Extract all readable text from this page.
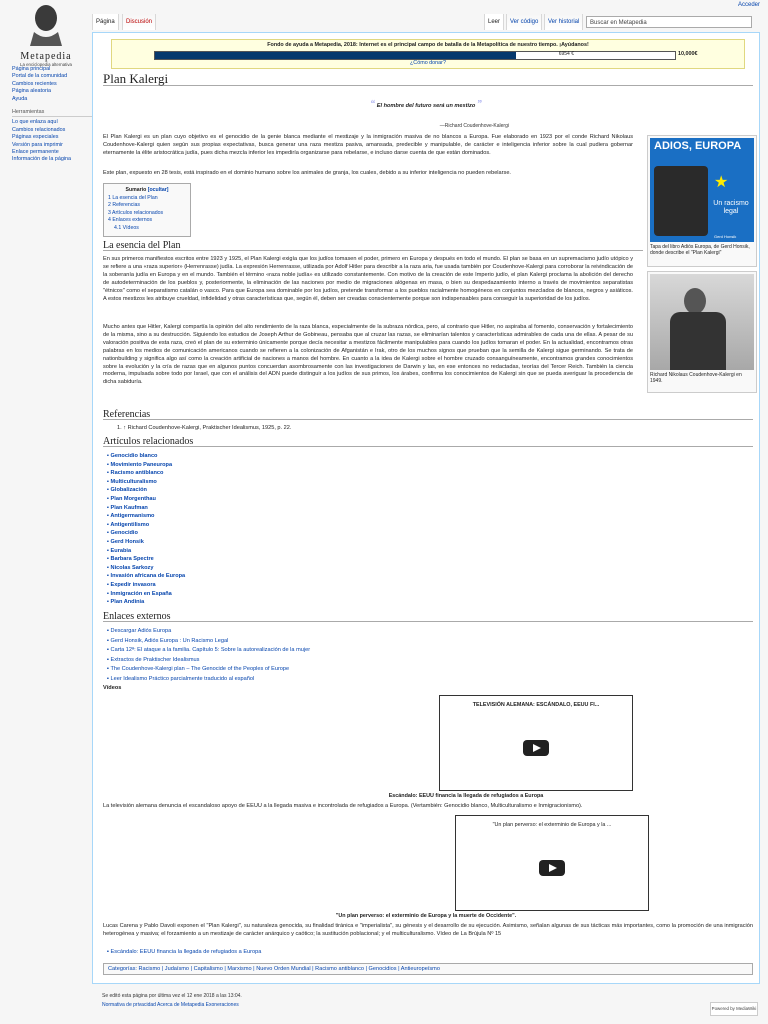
Metapedia
La enciclopedia alternativa
Acceder
Página principal
Portal de la comunidad
Cambios recientes
Página aleatoria
Ayuda
Herramientas
Lo que enlaza aquí
Cambios relacionados
Páginas especiales
Versión para imprimir
Enlace permanente
Información de la página
Página	Discusión	Leer	Ver código	Ver historial	Buscar en Metapedia
Fondo de ayuda a Metapedia, 2018: Internet es el principal campo de batalla de la Metapolítica de nuestro tiempo. ¡Ayúdanos!
6954 €	10,000€
¿Cómo donar?
Plan Kalergi
“ El hombre del futuro será un mestizo ”
—Richard Coudenhove-Kalergi
El Plan Kalergi es un plan cuyo objetivo es el genocidio de la genie blanca mediante el mestizaje y la inmigración masiva de no blancos a Europa. Fue elaborado en 1923 por el conde Richard Nikolaus Coudenhove-Kalergi quien según sus propias expectativas, busca generar una raza mestiza pasiva, amansada, predecible y manipulable, de carácter e inteligencia inferior sobre la cual pudiera gobernar eternamente la élite aristocrática judía, pues dicha mezcla inferior les impediría organizarse para rebelarse, e incluso darse cuenta de que están dominados.
Este plan, expuesto en 28 tesis, está inspirado en el dominio humano sobre los animales de granja, los cuales, debido a su inferior inteligencia no pueden rebelarse.
Sumario [ocultar]
1 La esencia del Plan
2 Referencias
3 Artículos relacionados
4 Enlaces externos
4.1 Vídeos
ADIOS, EUROPA
★
Un racismo legal
Gerd Honsik
Tapa del libro Adiós Europa, de Gerd Honsik, donde describe el "Plan Kalergi"
Richard Nikolaus Coudenhove-Kalergi en 1949.
La esencia del Plan
En sus primeros manifiestos escritos entre 1923 y 1925, el Plan Kalergi exigía que los judíos tomasen el poder, primero en Europa y después en todo el mundo. El plan se basa en un supremacismo judío utópico y se refiere a una «raza superior» (Herrenrasse) judía. La expresión Herrenrasse, utilizada por Adolf Hitler para describir a la raza aria, fue usada también por Coudenhove-Kalergi para corroborar la reivindicación de la soberanía judía en Europa y en el mundo. También el término «raza noble judía» es utilizado constantemente. Con motivo de la creación de este Imperio judío, el plan Kalergi proclama la abolición del derecho de autodeterminación de los pueblos y, posteriormente, la eliminación de las naciones por medio de migraciones alógenas en masa, o bien su despedazamiento interno a través de movimientos separatistas "étnicos" como el separatismo catalán o vasco. Para que Europa sea dominable por los judíos, pretende transformar a los pueblos racialmente homogéneos en conjuntos mezclados de blancos, negros y asiáticos. A estos mestizos les atribuye crueldad, infidelidad y otras características que, según él, deben ser creadas conscientemente porque son indispensables para conseguir la superioridad de los judíos.
Mucho antes que Hitler, Kalergi compartía la opinión del alto rendimiento de la raza blanca, especialmente de la subraza nórdica, pero, al contrario que Hitler, no aspiraba al fomento, conservación y fortalecimiento de la misma, sino a su destrucción. Siguiendo los estudios de Joseph Arthur de Gobineau, pensaba que al cruzar las razas, se eliminarían talentos y características admirables de cada una de ellas. A pesar de su valoración positiva de esta raza, creó el plan de su exterminio únicamente porque decía necesitar a mestizos fácilmente manipulables para cuando los judíos tomaran el poder. En la actualidad, encontramos otras palabras en los medios de comunicación americanos cuando se refieren a la colonización de Afganistán e Irak, otro de los muchos signos que prueban que la semilla de Kalergi sigue germinando. Se trata de nationbuilding y significa algo así como la creación artificial de naciones a manos del hombre. En cuanto a la idea de Kalergi sobre el hombre cruzado consanguíneamente, encontramos grandes conocimientos sobre la evolución y la cría de razas que en algunos puntos concuerdan asombrosamente con las investigaciones de Darwin y las, en ese entonces no redactadas, teorías del Tercer Reich. También la ciencia moderna, impulsada sobre todo por Israel, que con el análisis del ADN puede distinguir a los judíos de sus primos, los árabes, confirma los conocimientos de Kalergi sin que se pueda averiguar la procedencia de dicha sabiduría.
Referencias
1. ↑ Richard Coudenhove-Kalergi, Praktischer Idealismus, 1925, p. 22.
Artículos relacionados
▪ Genocidio blanco
▪ Movimiento Paneuropa
▪ Racismo antiblanco
▪ Multiculturalismo
▪ Globalización
▪ Plan Morgenthau
▪ Plan Kaufman
▪ Antigermanismo
▪ Antigentilismo
▪ Genocidio
▪ Gerd Honsik
▪ Eurabia
▪ Barbara Spectre
▪ Nicolas Sarkozy
▪ Invasión africana de Europa
▪ Expedir invasora
▪ Inmigración en España
▪ Plan Andinia
Enlaces externos
▪ Descargar Adiós Europa
▪ Gerd Honsik, Adiós Europa : Un Racismo Legal
▪ Carta 12ª: El ataque a la familia. Capítulo 5: Sobre la autorealización de la mujer
▪ Extractos de Praktischer Idealismus
▪ The Coudenhove-Kalergi plan – The Genocide of the Peoples of Europe
▪ Leer Idealismo Práctico parcialmente traducido al español
Vídeos
TELEVISIÓN ALEMANA: ESCÁNDALO, EEUU FI...
Escándalo: EEUU financia la llegada de refugiados a Europa
La televisión alemana denuncia el escandaloso apoyo de EEUU a la llegada masiva e incontrolada de refugiados a Europa. (Vertambién: Genocidio blanco, Multiculturalismo e Inmigracionismo).
"Un plan perverso: el exterminio de Europa y la ...
"Un plan perverso: el exterminio de Europa y la muerte de Occidente".
Lucas Carena y Pablo Davoli exponen el "Plan Kalergi", su naturaleza genocida, su finalidad tiránica e "imperialista", su génesis y el desarrollo de su ejecución. Asimismo, señalan algunas de sus tácticas más importantes, como la promoción de una inmigración heterogénea y masiva; el forzamiento a un mestizaje de carácter anárquico y caótico; la sustitución poblacional; y el multiculturalismo. Vídeo de La Brújula Nº 15
▪ Escándalo: EEUU financia la llegada de refugiados a Europa
Categorías: Racismo | Judaísmo | Capitalismo | Marxismo | Nuevo Orden Mundial | Racismo antiblanco | Genocidios | Antieuropeísmo
Se editó esta página por última vez el 12 ene 2018 a las 13:04.
Normativa de privacidad Acerca de Metapedia Exoneraciones
Powered by MediaWiki
